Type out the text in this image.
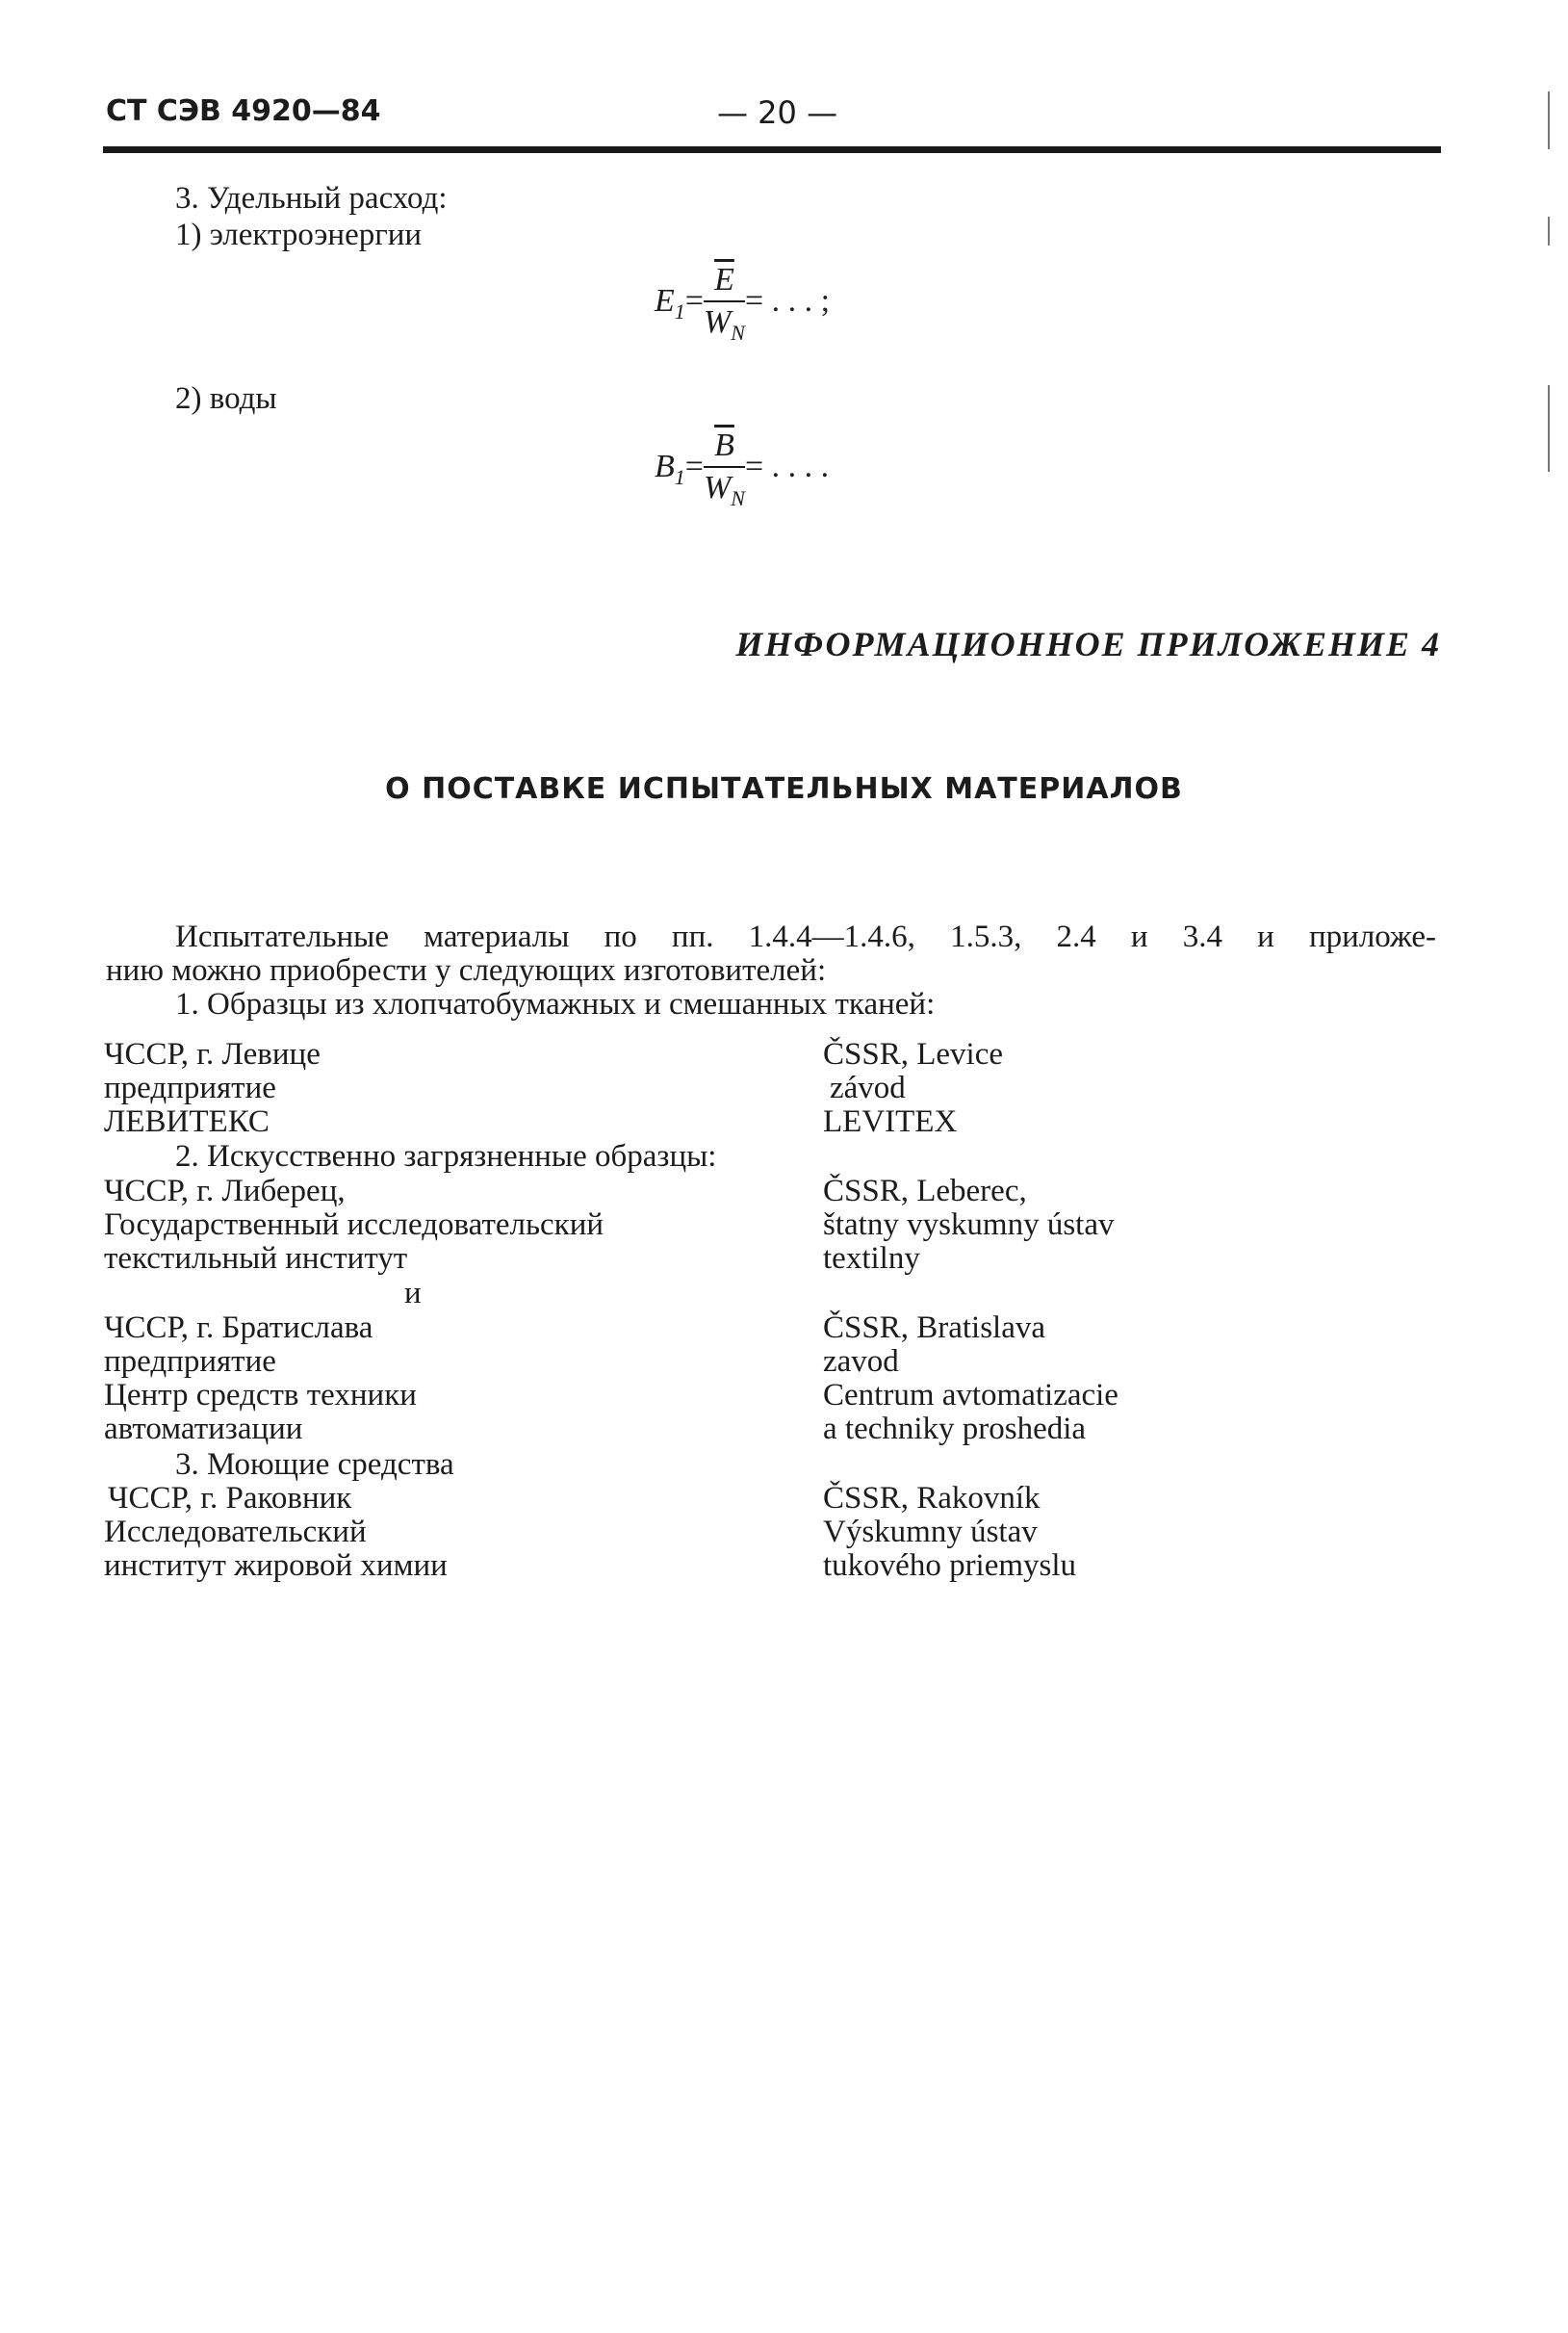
СТ СЭВ 4920—84	— 20 —
3. Удельный расход:
1) электроэнергии
$E_1= \frac{\overline{E}}{W_N}$ = . . . ;
2) воды
$B_1= \frac{\overline{B}}{W_N}$ = . . . .
ИНФОРМАЦИОННОЕ ПРИЛОЖЕНИЕ 4
О ПОСТАВКЕ ИСПЫТАТЕЛЬНЫХ МАТЕРИАЛОВ
Испытательные материалы по пп. 1.4.4—1.4.6, 1.5.3, 2.4 и 3.4 и приложе-
нию можно приобрести у следующих изготовителей:
1. Образцы из хлопчатобумажных и смешанных тканей:
ЧССР, г. Левице
предприятие
ЛЕВИТЕКС
ČSSR, Levice
závod
LEVITEX
2. Искусственно загрязненные образцы:
ЧССР, г. Либерец,
Государственный исследовательский
текстильный институт
ČSSR, Leberec,
štatny vyskumny ústav
textilny
и
ЧССР, г. Братислава
предприятие
Центр средств техники
автоматизации
ČSSR, Bratislava
zavod
Centrum avtomatizacie
a techniky proshedia
3. Моющие средства
ЧССР, г. Раковник
Исследовательский
институт жировой химии
ČSSR, Rakovník
Výskumny ústav
tukového priemyslu
